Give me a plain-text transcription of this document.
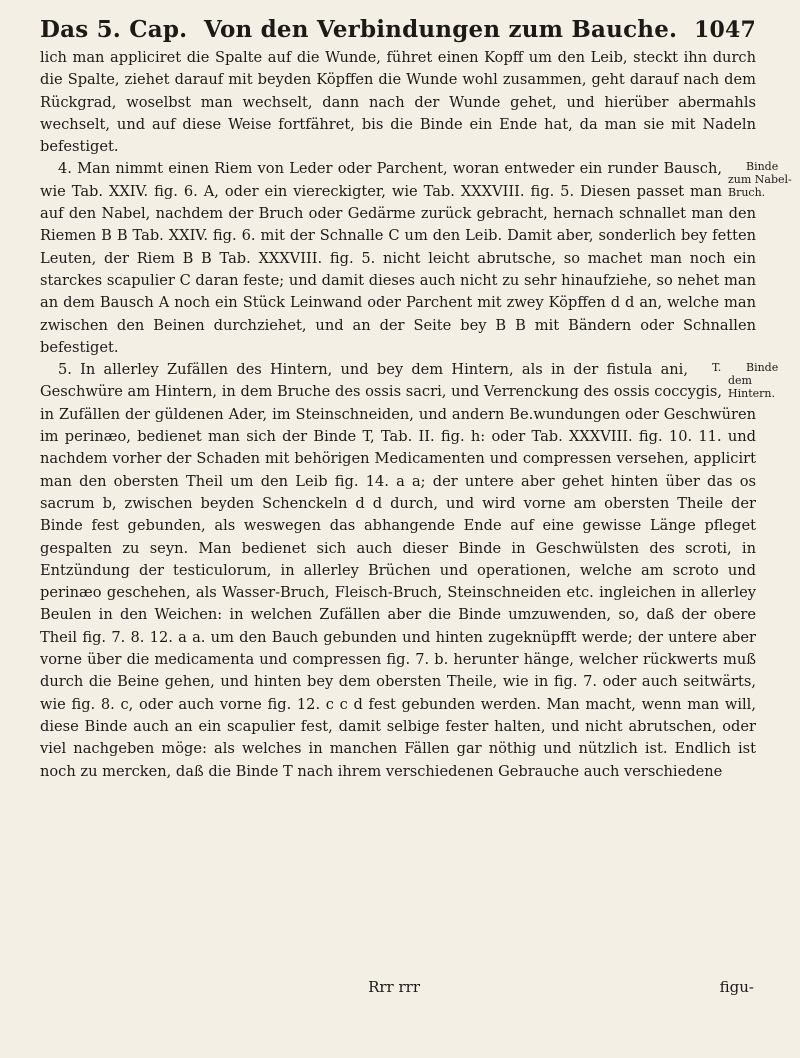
Das 5. Cap. Von den Verbindungen zum Bauche. 1047

lich man appliciret die Spalte auf die Wunde, führet einen Kopff um den Leib, steckt ihn durch die Spalte, ziehet darauf mit beyden Köpffen die Wunde wohl zusammen, geht darauf nach dem Rückgrad, woselbst man wechselt, dann nach der Wunde gehet, und hierüber abermahls wechselt, und auf diese Weise fortfähret, bis die Binde ein Ende hat, da man sie mit Nadeln befestiget.

Binde zum Nabel-Bruch.
4. Man nimmt einen Riem von Leder oder Parchent, woran entweder ein runder Bausch, wie Tab. XXIV. fig. 6. A, oder ein viereckigter, wie Tab. XXXVIII. fig. 5. Diesen passet man auf den Nabel, nachdem der Bruch oder Gedärme zurück gebracht, hernach schnallet man den Riemen B B Tab. XXIV. fig. 6. mit der Schnalle C um den Leib. Damit aber, sonderlich bey fetten Leuten, der Riem B B Tab. XXXVIII. fig. 5. nicht leicht abrutsche, so machet man noch ein starckes scapulier C daran feste; und damit dieses auch nicht zu sehr hinaufziehe, so nehet man an dem Bausch A noch ein Stück Leinwand oder Parchent mit zwey Köpffen d d an, welche man zwischen den Beinen durchziehet, und an der Seite bey B B mit Bändern oder Schnallen befestiget.

Binde dem Hintern.
T.
5. In allerley Zufällen des Hintern, und bey dem Hintern, als in der fistula ani, Geschwüre am Hintern, in dem Bruche des ossis sacri, und Verrenckung des ossis coccygis, in Zufällen der güldenen Ader, im Steinschneiden, und andern Be.wundungen oder Geschwüren im perinæo, bedienet man sich der Binde T, Tab. II. fig. h: oder Tab. XXXVIII. fig. 10. 11. und nachdem vorher der Schaden mit behörigen Medicamenten und compressen versehen, applicirt man den obersten Theil um den Leib fig. 14. a a; der untere aber gehet hinten über das os sacrum b, zwischen beyden Schenckeln d d durch, und wird vorne am obersten Theile der Binde fest gebunden, als weswegen das abhangende Ende auf eine gewisse Länge pfleget gespalten zu seyn. Man bedienet sich auch dieser Binde in Geschwülsten des scroti, in Entzündung der testiculorum, in allerley Brüchen und operationen, welche am scroto und perinæo geschehen, als Wasser-Bruch, Fleisch-Bruch, Steinschneiden etc. ingleichen in allerley Beulen in den Weichen: in welchen Zufällen aber die Binde umzuwenden, so, daß der obere Theil fig. 7. 8. 12. a a. um den Bauch gebunden und hinten zugeknüpfft werde; der untere aber vorne über die medicamenta und compressen fig. 7. b. herunter hänge, welcher rückwerts muß durch die Beine gehen, und hinten bey dem obersten Theile, wie in fig. 7. oder auch seitwärts, wie fig. 8. c, oder auch vorne fig. 12. c c d fest gebunden werden. Man macht, wenn man will, diese Binde auch an ein scapulier fest, damit selbige fester halten, und nicht abrutschen, oder viel nachgeben möge: als welches in manchen Fällen gar nöthig und nützlich ist. Endlich ist noch zu mercken, daß die Binde T nach ihrem verschiedenen Gebrauche auch verschiedene

Rrr rrr	figu-
